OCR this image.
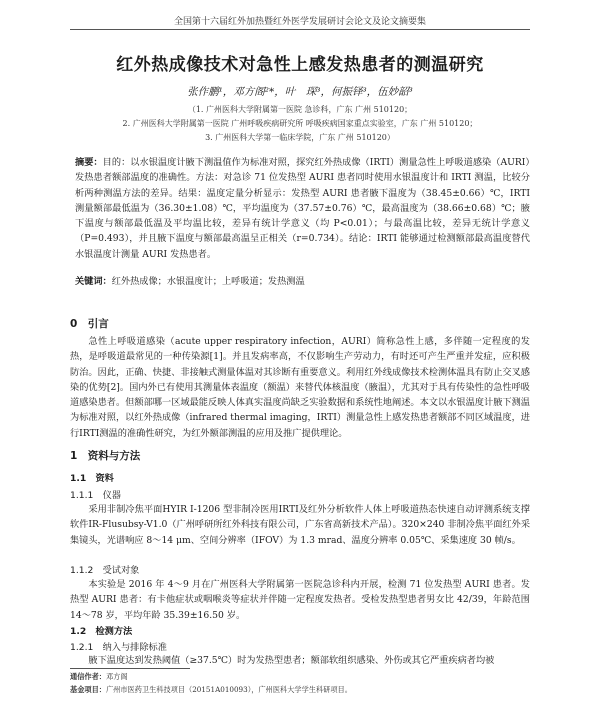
全国第十六届红外加热暨红外医学发展研讨会论文及论文摘要集
红外热成像技术对急性上感发热患者的测温研究
张作鹏¹，邓方阁²*，叶　琛³，何振铎³，伍妙韶³
（1. 广州医科大学附属第一医院 急诊科，广东 广州 510120；
2. 广州医科大学附属第一医院 广州呼吸疾病研究所 呼吸疾病国家重点实验室，广东 广州 510120；
3. 广州医科大学第一临床学院，广东 广州 510120）
摘要：目的：以水银温度计腋下测温值作为标准对照，探究红外热成像（IRTI）测量急性上呼吸道感染（AURI）发热患者额部温度的准确性。方法：对急诊 71 位发热型 AURI 患者同时使用水银温度计和 IRTI 测温，比较分析两种测温方法的差异。结果：温度定量分析显示：发热型 AURI 患者腋下温度为（38.45±0.66）℃，IRTI 测量额部最低温为（36.30±1.08）℃，平均温度为（37.57±0.76）℃，最高温度为（38.66±0.68）℃；腋下温度与额部最低温及平均温比较，差异有统计学意义（均 P<0.01）；与最高温比较，差异无统计学意义（P=0.493），并且腋下温度与额部最高温呈正相关（r=0.734）。结论：IRTI 能够通过检测额部最高温度替代水银温度计测量 AURI 发热患者。
关键词：红外热成像；水银温度计；上呼吸道；发热测温
0　引言
急性上呼吸道感染（acute upper respiratory infection，AURI）简称急性上感，多伴随一定程度的发热，是呼吸道最常见的一种传染源[1]。并且发病率高，不仅影响生产劳动力，有时还可产生严重并发症，应积极防治。因此，正确、快捷、非接触式测量体温对其诊断有重要意义。利用红外线成像技术检测体温具有防止交叉感染的优势[2]。国内外已有使用其测量体表温度（额温）来替代体核温度（腋温），尤其对于具有传染性的急性呼吸道感染患者。但额部哪一区域最能反映人体真实温度尚缺乏实验数据和系统性地阐述。本文以水银温度计腋下测温为标准对照，以红外热成像（infrared thermal imaging，IRTI）测量急性上感发热患者额部不同区域温度，进行IRTI测温的准确性研究，为红外额部测温的应用及推广提供理论。
1　资料与方法
1.1　资料
1.1.1　仪器
采用非制冷焦平面HYIR I-1206 型非制冷医用IRTI及红外分析软件人体上呼吸道热态快速自动评测系统支撑软件IR-Flusubsy-V1.0（广州呼研所红外科技有限公司，广东省高新技术产品）。320×240 非制冷焦平面红外采集镜头，光谱响应 8～14 μm、空间分辨率（IFOV）为 1.3 mrad、温度分辨率 0.05℃、采集速度 30 帧/s。
1.1.2　受试对象
本实验是 2016 年 4～9 月在广州医科大学附属第一医院急诊科内开展，检测 71 位发热型 AURI 患者。发热型 AURI 患者：有卡他症状或咽喉炎等症状并伴随一定程度发热者。受检发热型患者男女比 42/39，年龄范围 14～78 岁，平均年龄 35.39±16.50 岁。
1.2　检测方法
1.2.1　纳入与排除标准
腋下温度达到发热阈值（≥37.5℃）时为发热型患者；额部软组织感染、外伤或其它严重疾病者均被
通信作者：邓方阁
基金项目：广州市医药卫生科技项目（20151A010093），广州医科大学学生科研项目。
